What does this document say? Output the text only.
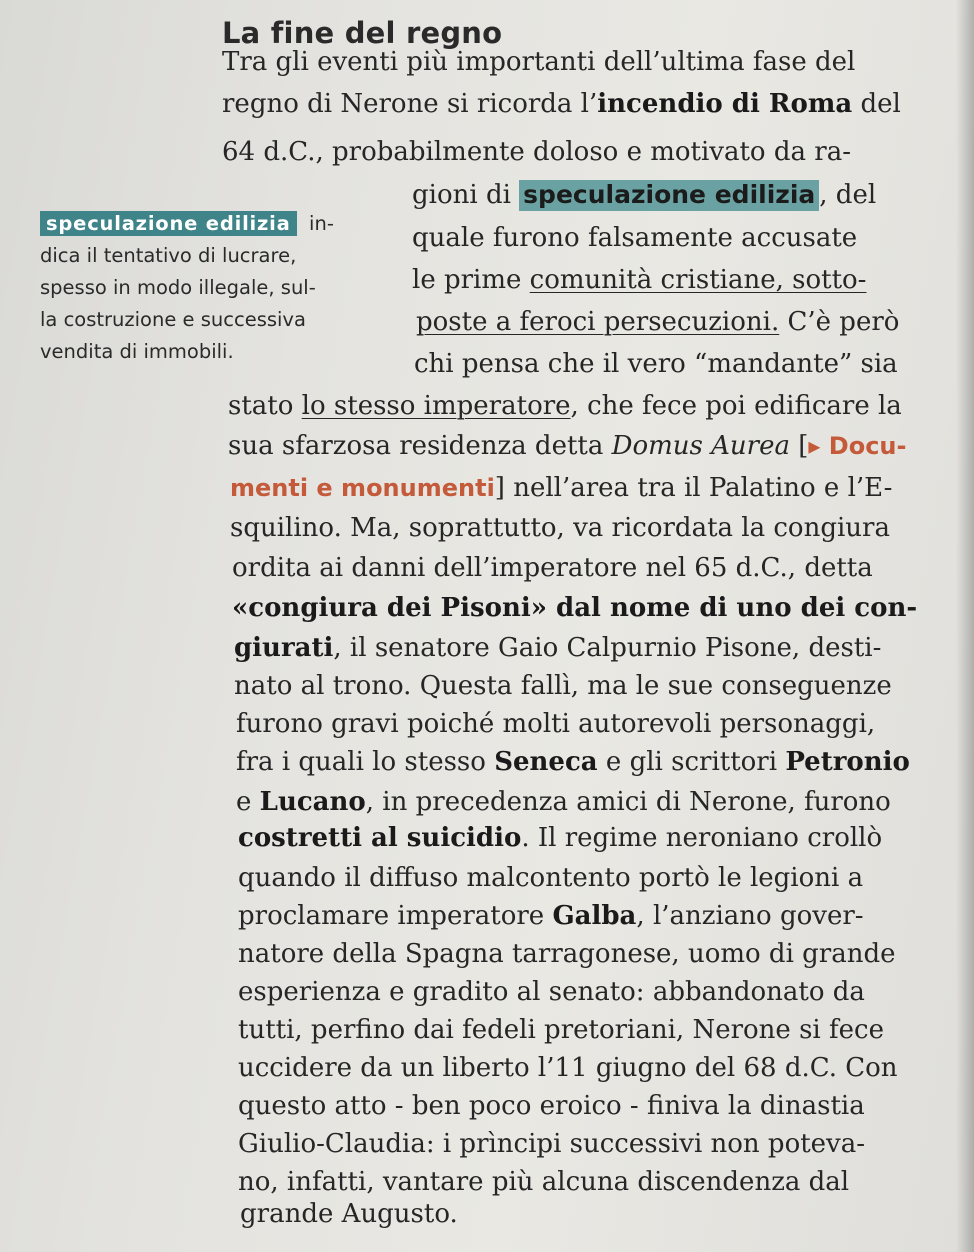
La fine del regno
speculazione edilizia in-
dica il tentativo di lucrare,
spesso in modo illegale, sul-
la costruzione e successiva
vendita di immobili.
Tra gli eventi più importanti dell’ultima fase del
regno di Nerone si ricorda l’incendio di Roma del
64 d.C., probabilmente doloso e motivato da ra-
gioni di speculazione edilizia , del
quale furono falsamente accusate
le prime comunità cristiane, sotto-
poste a feroci persecuzioni. C’è però
chi pensa che il vero “mandante” sia
stato lo stesso imperatore, che fece poi edificare la
sua sfarzosa residenza detta Domus Aurea [▸ Docu-
menti e monumenti] nell’area tra il Palatino e l’E-
squilino. Ma, soprattutto, va ricordata la congiura
ordita ai danni dell’imperatore nel 65 d.C., detta
«congiura dei Pisoni» dal nome di uno dei con-
giurati, il senatore Gaio Calpurnio Pisone, desti-
nato al trono. Questa fallì, ma le sue conseguenze
furono gravi poiché molti autorevoli personaggi,
fra i quali lo stesso Seneca e gli scrittori Petronio
e Lucano, in precedenza amici di Nerone, furono
costretti al suicidio. Il regime neroniano crollò
quando il diffuso malcontento portò le legioni a
proclamare imperatore Galba, l’anziano gover-
natore della Spagna tarragonese, uomo di grande
esperienza e gradito al senato: abbandonato da
tutti, perfino dai fedeli pretoriani, Nerone si fece
uccidere da un liberto l’11 giugno del 68 d.C. Con
questo atto - ben poco eroico - finiva la dinastia
Giulio-Claudia: i prìncipi successivi non poteva-
no, infatti, vantare più alcuna discendenza dal
grande Augusto.
